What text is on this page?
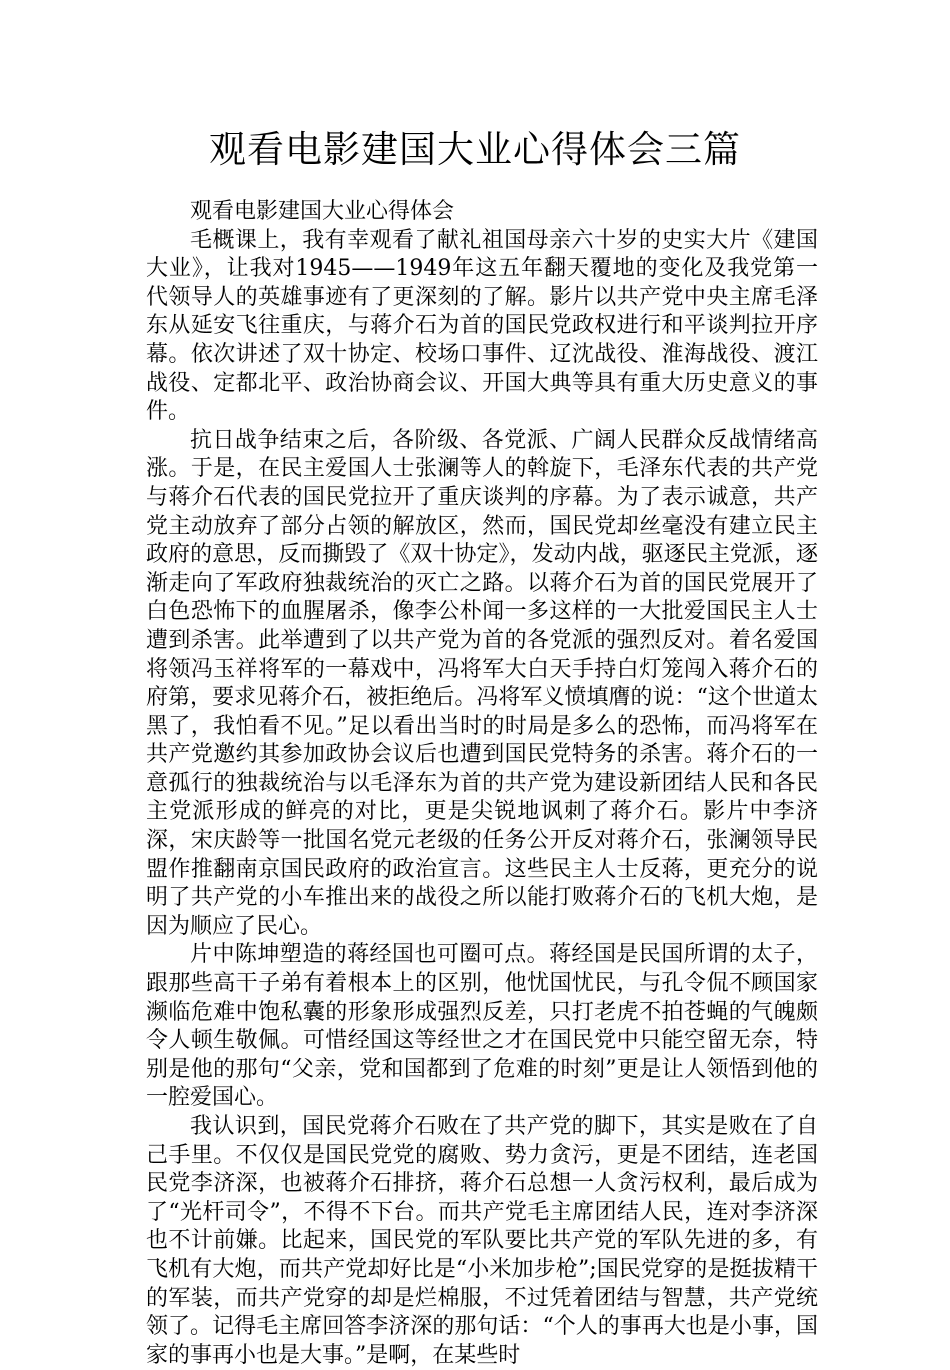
观看电影建国大业心得体会三篇

观看电影建国大业心得体会

毛概课上，我有幸观看了献礼祖国母亲六十岁的史实大片《建国大业》，让我对1945——1949年这五年翻天覆地的变化及我党第一代领导人的英雄事迹有了更深刻的了解。影片以共产党中央主席毛泽东从延安飞往重庆，与蒋介石为首的国民党政权进行和平谈判拉开序幕。依次讲述了双十协定、校场口事件、辽沈战役、淮海战役、渡江战役、定都北平、政治协商会议、开国大典等具有重大历史意义的事件。

抗日战争结束之后，各阶级、各党派、广阔人民群众反战情绪高涨。于是，在民主爱国人士张澜等人的斡旋下，毛泽东代表的共产党与蒋介石代表的国民党拉开了重庆谈判的序幕。为了表示诚意，共产党主动放弃了部分占领的解放区，然而，国民党却丝毫没有建立民主政府的意思，反而撕毁了《双十协定》，发动内战，驱逐民主党派，逐渐走向了军政府独裁统治的灭亡之路。以蒋介石为首的国民党展开了白色恐怖下的血腥屠杀，像李公朴闻一多这样的一大批爱国民主人士遭到杀害。此举遭到了以共产党为首的各党派的强烈反对。着名爱国将领冯玉祥将军的一幕戏中，冯将军大白天手持白灯笼闯入蒋介石的府第，要求见蒋介石，被拒绝后。冯将军义愤填膺的说：“这个世道太黑了，我怕看不见。”足以看出当时的时局是多么的恐怖，而冯将军在共产党邀约其参加政协会议后也遭到国民党特务的杀害。蒋介石的一意孤行的独裁统治与以毛泽东为首的共产党为建设新团结人民和各民主党派形成的鲜亮的对比，更是尖锐地讽刺了蒋介石。影片中李济深，宋庆龄等一批国名党元老级的任务公开反对蒋介石，张澜领导民盟作推翻南京国民政府的政治宣言。这些民主人士反蒋，更充分的说明了共产党的小车推出来的战役之所以能打败蒋介石的飞机大炮，是因为顺应了民心。

片中陈坤塑造的蒋经国也可圈可点。蒋经国是民国所谓的太子，跟那些高干子弟有着根本上的区别，他忧国忧民，与孔令侃不顾国家濒临危难中饱私囊的形象形成强烈反差，只打老虎不拍苍蝇的气魄颇令人顿生敬佩。可惜经国这等经世之才在国民党中只能空留无奈，特别是他的那句“父亲，党和国都到了危难的时刻”更是让人领悟到他的一腔爱国心。

我认识到，国民党蒋介石败在了共产党的脚下，其实是败在了自己手里。不仅仅是国民党党的腐败、势力贪污，更是不团结，连老国民党李济深，也被蒋介石排挤，蒋介石总想一人贪污权利，最后成为了“光杆司令”，不得不下台。而共产党毛主席团结人民，连对李济深也不计前嫌。比起来，国民党的军队要比共产党的军队先进的多，有飞机有大炮，而共产党却好比是“小米加步枪”;国民党穿的是挺拔精干的军装，而共产党穿的却是烂棉服，不过凭着团结与智慧，共产党统领了。记得毛主席回答李济深的那句话：“个人的事再大也是小事，国家的事再小也是大事。”是啊，在某些时
